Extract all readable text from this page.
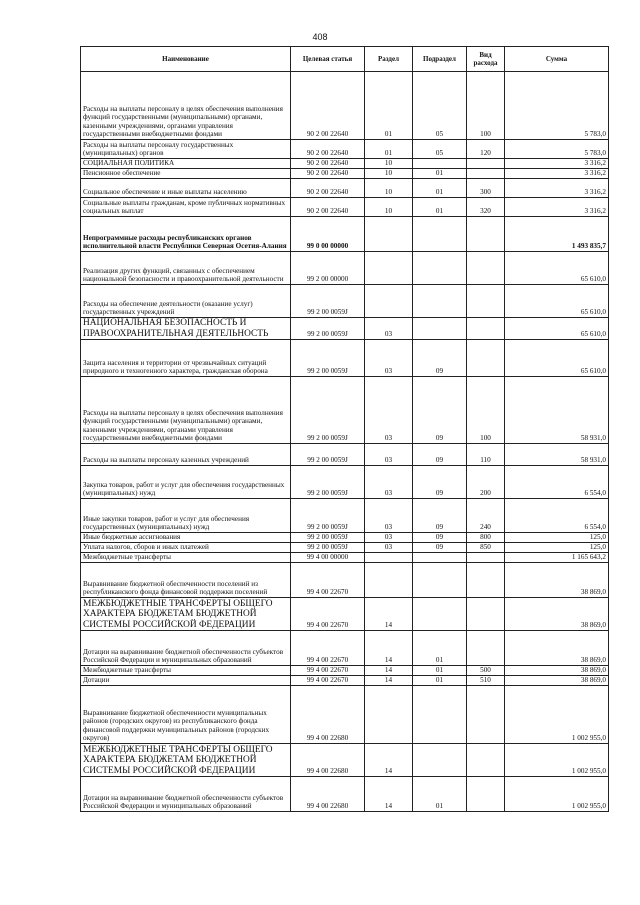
408
Наименование	Целевая статья	Раздел	Подраздел	Вид расхода	Сумма
Расходы на выплаты персоналу в целях обеспечения выполнения функций государственными (муниципальными) органами, казенными учреждениями, органами управления государственными внебюджетными фондами	90 2 00 22640	01	05	100	5 783,0
Расходы на выплаты персоналу государственных (муниципальных) органов	90 2 00 22640	01	05	120	5 783,0
СОЦИАЛЬНАЯ ПОЛИТИКА	90 2 00 22640	10			3 316,2
Пенсионное обеспечение	90 2 00 22640	10	01		3 316,2
Социальное обеспечение и иные выплаты населению	90 2 00 22640	10	01	300	3 316,2
Социальные выплаты гражданам, кроме публичных нормативных социальных выплат	90 2 00 22640	10	01	320	3 316,2
Непрограммные расходы республиканских органов исполнительной власти Республики Северная Осетия-Алания	99 0 00 00000				1 493 835,7
Реализация других функций, связанных с обеспечением национальной безопасности и правоохранительной деятельности	99 2 00 00000				65 610,0
Расходы на обеспечение деятельности (оказание услуг) государственных учреждений	99 2 00 0059J				65 610,0
НАЦИОНАЛЬНАЯ БЕЗОПАСНОСТЬ И ПРАВООХРАНИТЕЛЬНАЯ ДЕЯТЕЛЬНОСТЬ	99 2 00 0059J	03			65 610,0
Защита населения и территории от чрезвычайных ситуаций природного и техногенного характера, гражданская оборона	99 2 00 0059J	03	09		65 610,0
Расходы на выплаты персоналу в целях обеспечения выполнения функций государственными (муниципальными) органами, казенными учреждениями, органами управления государственными внебюджетными фондами	99 2 00 0059J	03	09	100	58 931,0
Расходы на выплаты персоналу казенных учреждений	99 2 00 0059J	03	09	110	58 931,0
Закупка товаров, работ и услуг для обеспечения государственных (муниципальных) нужд	99 2 00 0059J	03	09	200	6 554,0
Иные закупки товаров, работ и услуг для обеспечения государственных (муниципальных) нужд	99 2 00 0059J	03	09	240	6 554,0
Иные бюджетные ассигнования	99 2 00 0059J	03	09	800	125,0
Уплата налогов, сборов и иных платежей	99 2 00 0059J	03	09	850	125,0
Межбюджетные трансферты	99 4 00 00000				1 165 643,2
Выравнивание бюджетной обеспеченности поселений из республиканского фонда финансовой поддержки поселений	99 4 00 22670				38 869,0
МЕЖБЮДЖЕТНЫЕ ТРАНСФЕРТЫ ОБЩЕГО ХАРАКТЕРА БЮДЖЕТАМ БЮДЖЕТНОЙ СИСТЕМЫ РОССИЙСКОЙ ФЕДЕРАЦИИ	99 4 00 22670	14			38 869,0
Дотации на выравнивание бюджетной обеспеченности субъектов Российской Федерации и муниципальных образований	99 4 00 22670	14	01		38 869,0
Межбюджетные трансферты	99 4 00 22670	14	01	500	38 869,0
Дотации	99 4 00 22670	14	01	510	38 869,0
Выравнивание бюджетной обеспеченности муниципальных районов (городских округов) из республиканского фонда финансовой поддержки муниципальных районов (городских округов)	99 4 00 22680				1 002 955,0
МЕЖБЮДЖЕТНЫЕ ТРАНСФЕРТЫ ОБЩЕГО ХАРАКТЕРА БЮДЖЕТАМ БЮДЖЕТНОЙ СИСТЕМЫ РОССИЙСКОЙ ФЕДЕРАЦИИ	99 4 00 22680	14			1 002 955,0
Дотации на выравнивание бюджетной обеспеченности субъектов Российской Федерации и муниципальных образований	99 4 00 22680	14	01		1 002 955,0
